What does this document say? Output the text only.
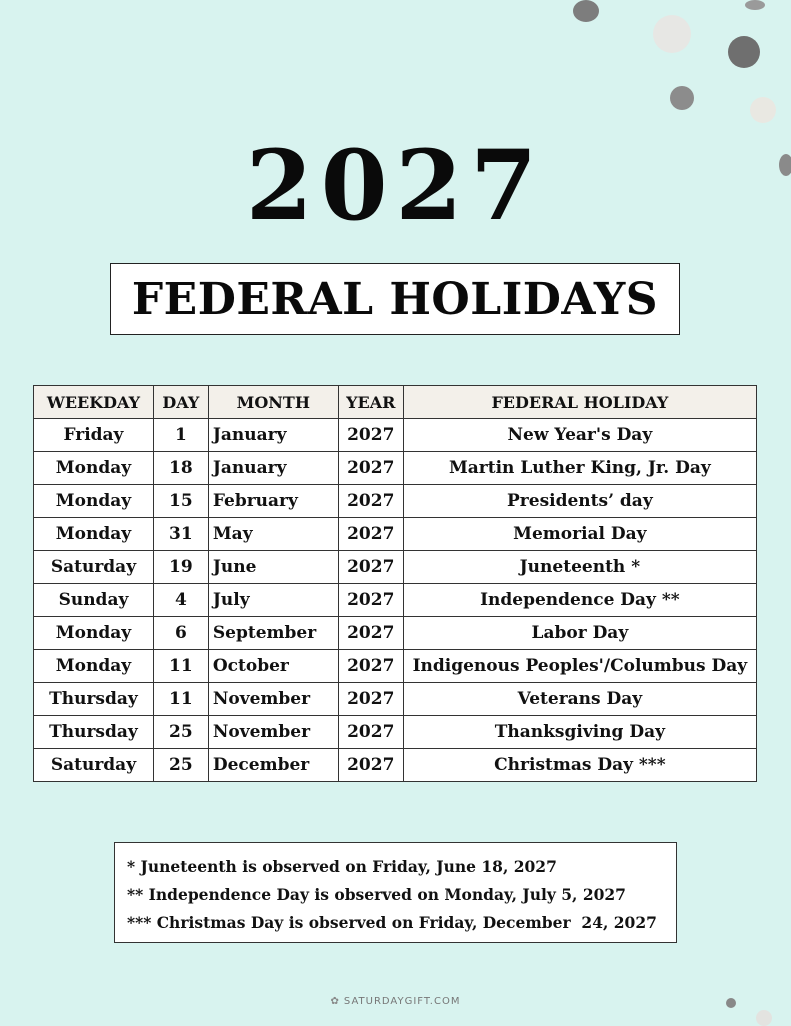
2027
FEDERAL HOLIDAYS
WEEKDAY	DAY	MONTH	YEAR	FEDERAL HOLIDAY
Friday	1	January	2027	New Year's Day
Monday	18	January	2027	Martin Luther King, Jr. Day
Monday	15	February	2027	Presidents’ day
Monday	31	May	2027	Memorial Day
Saturday	19	June	2027	Juneteenth *
Sunday	4	July	2027	Independence Day **
Monday	6	September	2027	Labor Day
Monday	11	October	2027	Indigenous Peoples'/Columbus Day
Thursday	11	November	2027	Veterans Day
Thursday	25	November	2027	Thanksgiving Day
Saturday	25	December	2027	Christmas Day ***
* Juneteenth is observed on Friday, June 18, 2027
** Independence Day is observed on Monday, July 5, 2027
*** Christmas Day is observed on Friday, December  24, 2027
✿ SATURDAYGIFT.COM
